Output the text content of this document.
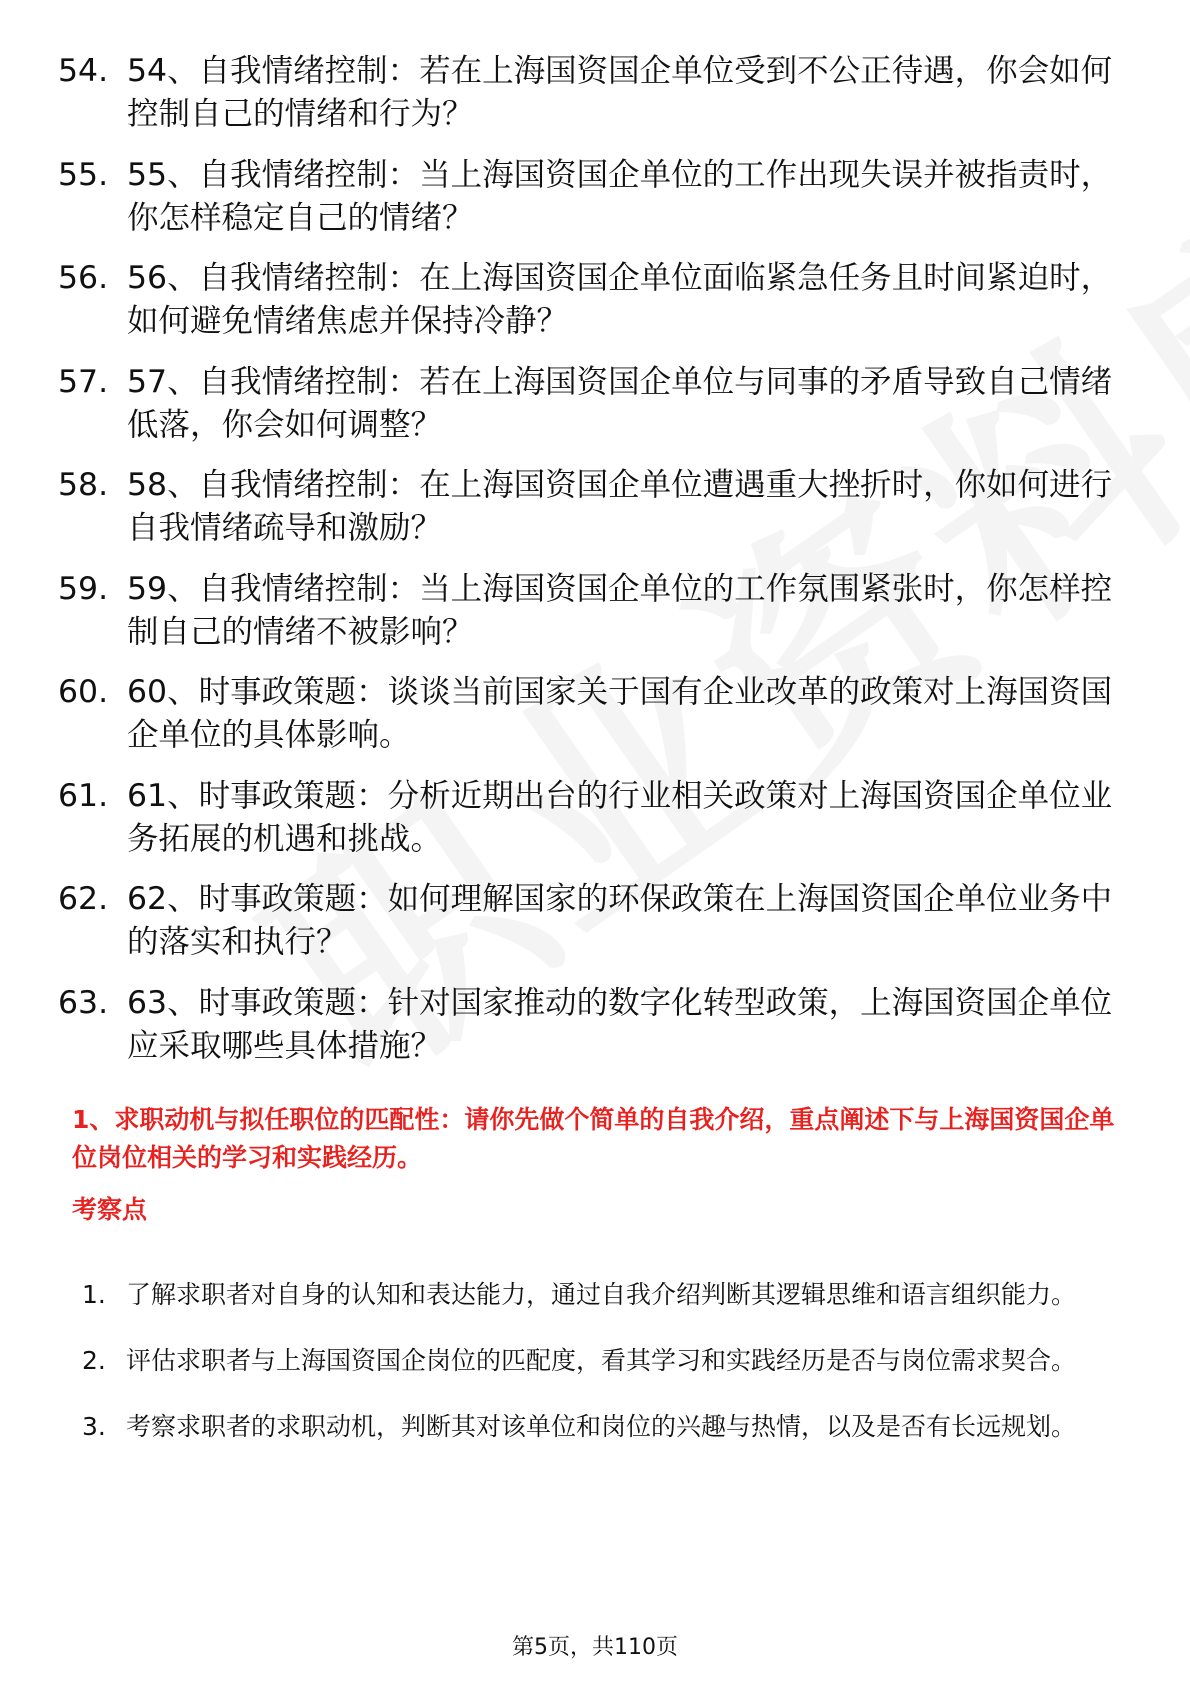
54. 54、自我情绪控制：若在上海国资国企单位受到不公正待遇，你会如何控制自己的情绪和行为？
55. 55、自我情绪控制：当上海国资国企单位的工作出现失误并被指责时，你怎样稳定自己的情绪？
56. 56、自我情绪控制：在上海国资国企单位面临紧急任务且时间紧迫时，如何避免情绪焦虑并保持冷静？
57. 57、自我情绪控制：若在上海国资国企单位与同事的矛盾导致自己情绪低落，你会如何调整？
58. 58、自我情绪控制：在上海国资国企单位遭遇重大挫折时，你如何进行自我情绪疏导和激励？
59. 59、自我情绪控制：当上海国资国企单位的工作氛围紧张时，你怎样控制自己的情绪不被影响？
60. 60、时事政策题：谈谈当前国家关于国有企业改革的政策对上海国资国企单位的具体影响。
61. 61、时事政策题：分析近期出台的行业相关政策对上海国资国企单位业务拓展的机遇和挑战。
62. 62、时事政策题：如何理解国家的环保政策在上海国资国企单位业务中的落实和执行？
63. 63、时事政策题：针对国家推动的数字化转型政策，上海国资国企单位应采取哪些具体措施？
1、求职动机与拟任职位的匹配性：请你先做个简单的自我介绍，重点阐述下与上海国资国企单位岗位相关的学习和实践经历。
考察点
1. 了解求职者对自身的认知和表达能力，通过自我介绍判断其逻辑思维和语言组织能力。
2. 评估求职者与上海国资国企岗位的匹配度，看其学习和实践经历是否与岗位需求契合。
3. 考察求职者的求职动机，判断其对该单位和岗位的兴趣与热情，以及是否有长远规划。
第5页，共110页
